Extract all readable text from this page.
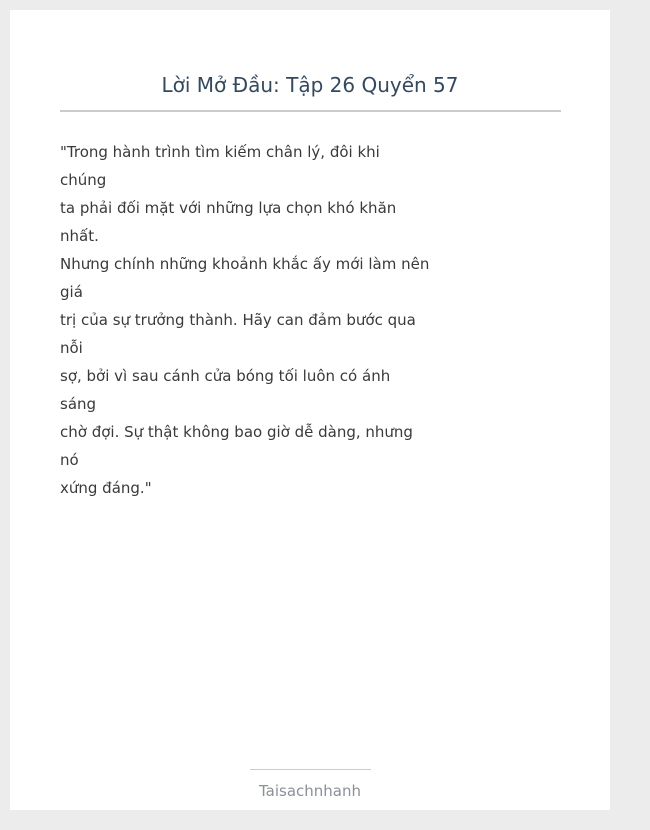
Lời Mở Đầu: Tập 26 Quyển 57
"Trong hành trình tìm kiếm chân lý, đôi khi
chúng
ta phải đối mặt với những lựa chọn khó khăn
nhất.
Nhưng chính những khoảnh khắc ấy mới làm nên
giá
trị của sự trưởng thành. Hãy can đảm bước qua
nỗi
sợ, bởi vì sau cánh cửa bóng tối luôn có ánh
sáng
chờ đợi. Sự thật không bao giờ dễ dàng, nhưng
nó
xứng đáng."
Taisachnhanh
